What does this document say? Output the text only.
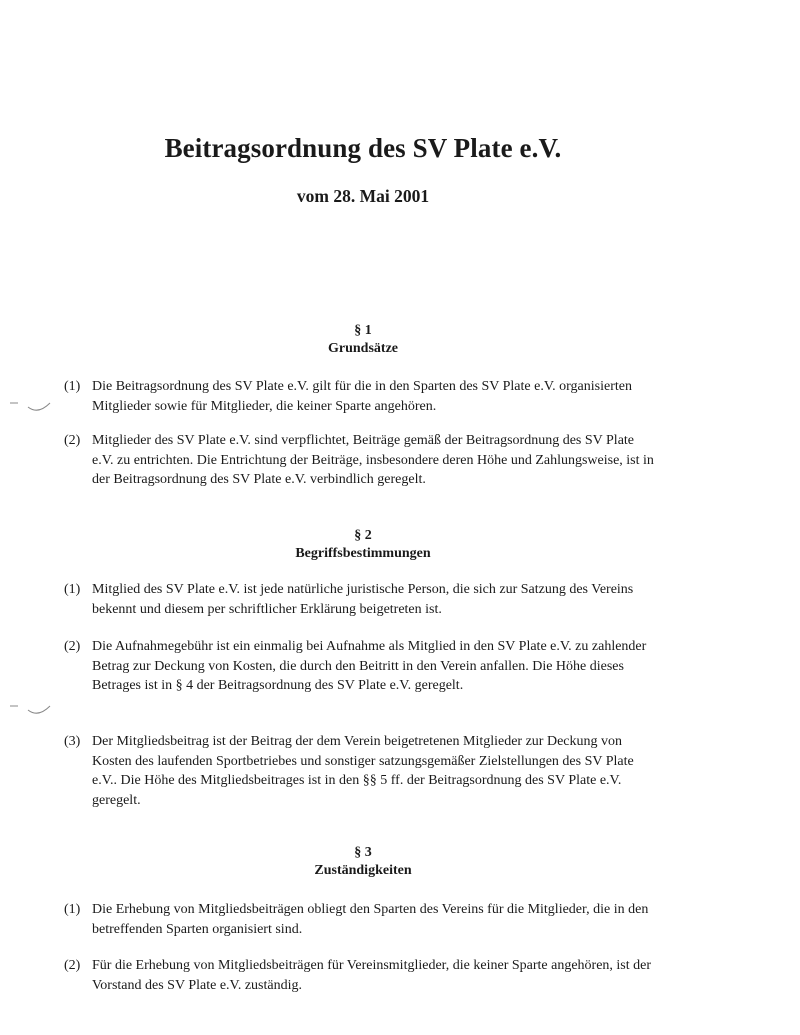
Beitragsordnung des SV Plate e.V.
vom 28. Mai 2001
§ 1
Grundsätze
(1) Die Beitragsordnung des SV Plate e.V. gilt für die in den Sparten des SV Plate e.V. organisierten Mitglieder sowie für Mitglieder, die keiner Sparte angehören.
(2) Mitglieder des SV Plate e.V. sind verpflichtet, Beiträge gemäß der Beitragsordnung des SV Plate e.V. zu entrichten. Die Entrichtung der Beiträge, insbesondere deren Höhe und Zahlungsweise, ist in der Beitragsordnung des SV Plate e.V. verbindlich geregelt.
§ 2
Begriffsbestimmungen
(1) Mitglied des SV Plate e.V. ist jede natürliche juristische Person, die sich zur Satzung des Vereins bekennt und diesem per schriftlicher Erklärung beigetreten ist.
(2) Die Aufnahmegebühr ist ein einmalig bei Aufnahme als Mitglied in den SV Plate e.V. zu zahlender Betrag zur Deckung von Kosten, die durch den Beitritt in den Verein anfallen. Die Höhe dieses Betrages ist in § 4 der Beitragsordnung des SV Plate e.V. geregelt.
(3) Der Mitgliedsbeitrag ist der Beitrag der dem Verein beigetretenen Mitglieder zur Deckung von Kosten des laufenden Sportbetriebes und sonstiger satzungsgemäßer Zielstellungen des SV Plate e.V.. Die Höhe des Mitgliedsbeitrages ist in den §§ 5 ff. der Beitragsordnung des SV Plate e.V. geregelt.
§ 3
Zuständigkeiten
(1) Die Erhebung von Mitgliedsbeiträgen obliegt den Sparten des Vereins für die Mitglieder, die in den betreffenden Sparten organisiert sind.
(2) Für die Erhebung von Mitgliedsbeiträgen für Vereinsmitglieder, die keiner Sparte angehören, ist der Vorstand des SV Plate e.V. zuständig.
